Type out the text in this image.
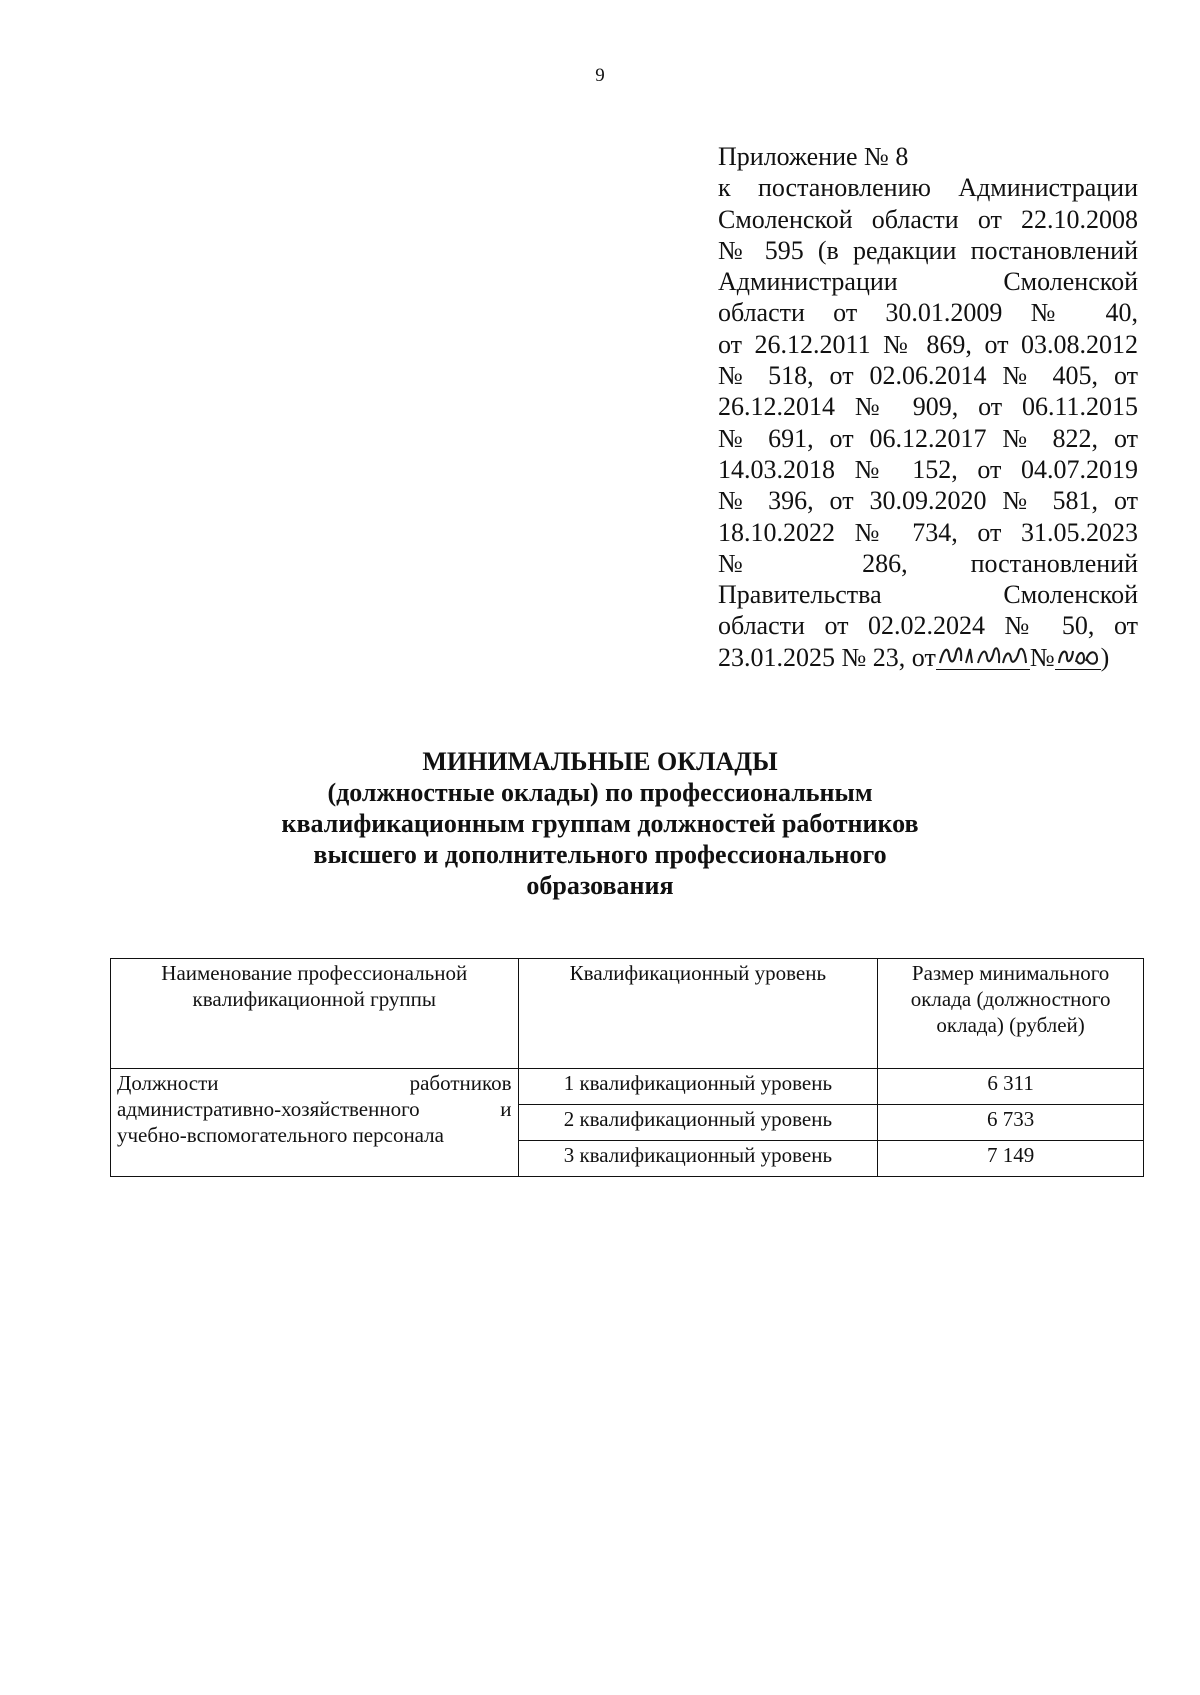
9
Приложение № 8
к постановлению Администрации
Смоленской области от 22.10.2008
№ 595 (в редакции постановлений
Администрации Смоленской
области от 30.01.2009 № 40,
от 26.12.2011 № 869, от 03.08.2012
№ 518, от 02.06.2014 № 405, от
26.12.2014 № 909, от 06.11.2015
№ 691, от 06.12.2017 № 822, от
14.03.2018 № 152, от 04.07.2019
№ 396, от 30.09.2020 № 581, от
18.10.2022 № 734, от 31.05.2023
№ 286, постановлений
Правительства Смоленской
области от 02.02.2024 № 50, от
23.01.2025 № 23, от	№ )
МИНИМАЛЬНЫЕ ОКЛАДЫ
(должностные оклады) по профессиональным
квалификационным группам должностей работников
высшего и дополнительного профессионального
образования
Наименование профессиональной квалификационной группы	Квалификационный уровень	Размер минимального оклада (должностного оклада) (рублей)

Должности работников
административно-хозяйственного и
учебно-вспомогательного персонала	1 квалификационный уровень	6 311
	2 квалификационный уровень	6 733
	3 квалификационный уровень	7 149
